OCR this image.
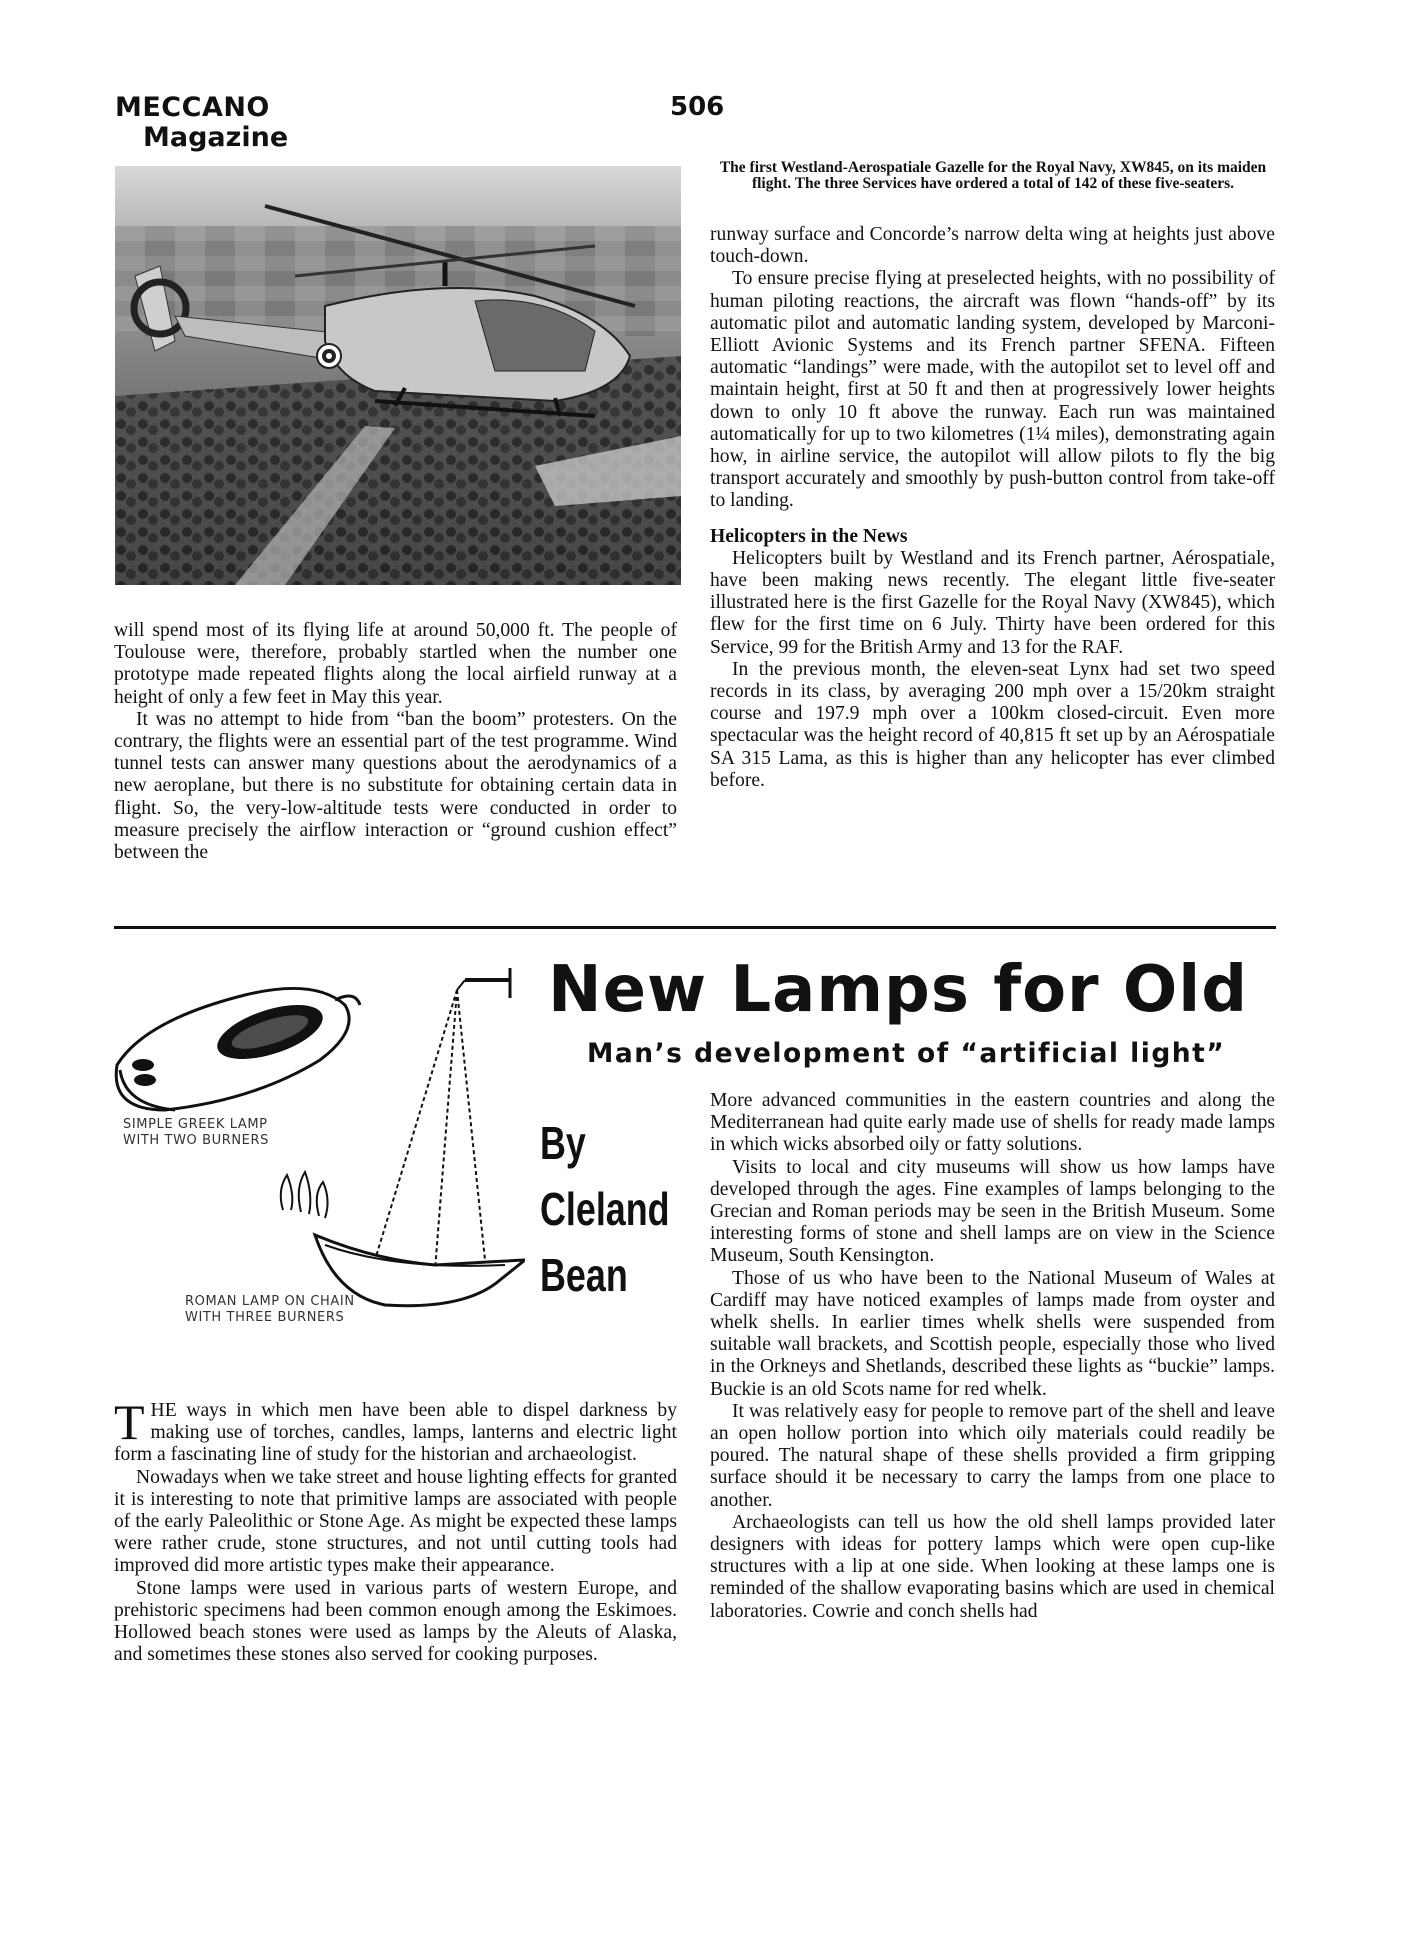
MECCANO
Magazine
506
The first Westland-Aerospatiale Gazelle for the Royal Navy, XW845, on its maiden flight. The three Services have ordered a total of 142 of these five-seaters.

will spend most of its flying life at around 50,000 ft. The people of Toulouse were, therefore, probably startled when the number one prototype made repeated flights along the local airfield runway at a height of only a few feet in May this year.

It was no attempt to hide from “ban the boom” protesters. On the contrary, the flights were an essential part of the test programme. Wind tunnel tests can answer many questions about the aerodynamics of a new aeroplane, but there is no substitute for obtaining certain data in flight. So, the very-low-altitude tests were conducted in order to measure precisely the airflow interaction or “ground cushion effect” between the

runway surface and Concorde’s narrow delta wing at heights just above touch-down.

To ensure precise flying at preselected heights, with no possibility of human piloting reactions, the aircraft was flown “hands-off” by its automatic pilot and automatic landing system, developed by Marconi-Elliott Avionic Systems and its French partner SFENA. Fifteen automatic “landings” were made, with the autopilot set to level off and maintain height, first at 50 ft and then at progressively lower heights down to only 10 ft above the runway. Each run was maintained automatically for up to two kilometres (1¼ miles), demonstrating again how, in airline service, the autopilot will allow pilots to fly the big transport accurately and smoothly by push-button control from take-off to landing.

Helicopters in the News

Helicopters built by Westland and its French partner, Aérospatiale, have been making news recently. The elegant little five-seater illustrated here is the first Gazelle for the Royal Navy (XW845), which flew for the first time on 6 July. Thirty have been ordered for this Service, 99 for the British Army and 13 for the RAF.

In the previous month, the eleven-seat Lynx had set two speed records in its class, by averaging 200 mph over a 15/20km straight course and 197.9 mph over a 100km closed-circuit. Even more spectacular was the height record of 40,815 ft set up by an Aérospatiale SA 315 Lama, as this is higher than any helicopter has ever climbed before.

SIMPLE GREEK LAMP
WITH TWO BURNERS
ROMAN LAMP ON CHAIN
WITH THREE BURNERS
New Lamps for Old
Man’s development of “artificial light”
By
Cleland
Bean

THE ways in which men have been able to dispel darkness by making use of torches, candles, lamps, lanterns and electric light form a fascinating line of study for the historian and archaeologist.

Nowadays when we take street and house lighting effects for granted it is interesting to note that primitive lamps are associated with people of the early Paleolithic or Stone Age. As might be expected these lamps were rather crude, stone structures, and not until cutting tools had improved did more artistic types make their appearance.

Stone lamps were used in various parts of western Europe, and prehistoric specimens had been common enough among the Eskimoes. Hollowed beach stones were used as lamps by the Aleuts of Alaska, and sometimes these stones also served for cooking purposes.

More advanced communities in the eastern countries and along the Mediterranean had quite early made use of shells for ready made lamps in which wicks absorbed oily or fatty solutions.

Visits to local and city museums will show us how lamps have developed through the ages. Fine examples of lamps belonging to the Grecian and Roman periods may be seen in the British Museum. Some interesting forms of stone and shell lamps are on view in the Science Museum, South Kensington.

Those of us who have been to the National Museum of Wales at Cardiff may have noticed examples of lamps made from oyster and whelk shells. In earlier times whelk shells were suspended from suitable wall brackets, and Scottish people, especially those who lived in the Orkneys and Shetlands, described these lights as “buckie” lamps. Buckie is an old Scots name for red whelk.

It was relatively easy for people to remove part of the shell and leave an open hollow portion into which oily materials could readily be poured. The natural shape of these shells provided a firm gripping surface should it be necessary to carry the lamps from one place to another.

Archaeologists can tell us how the old shell lamps provided later designers with ideas for pottery lamps which were open cup-like structures with a lip at one side. When looking at these lamps one is reminded of the shallow evaporating basins which are used in chemical laboratories. Cowrie and conch shells had
